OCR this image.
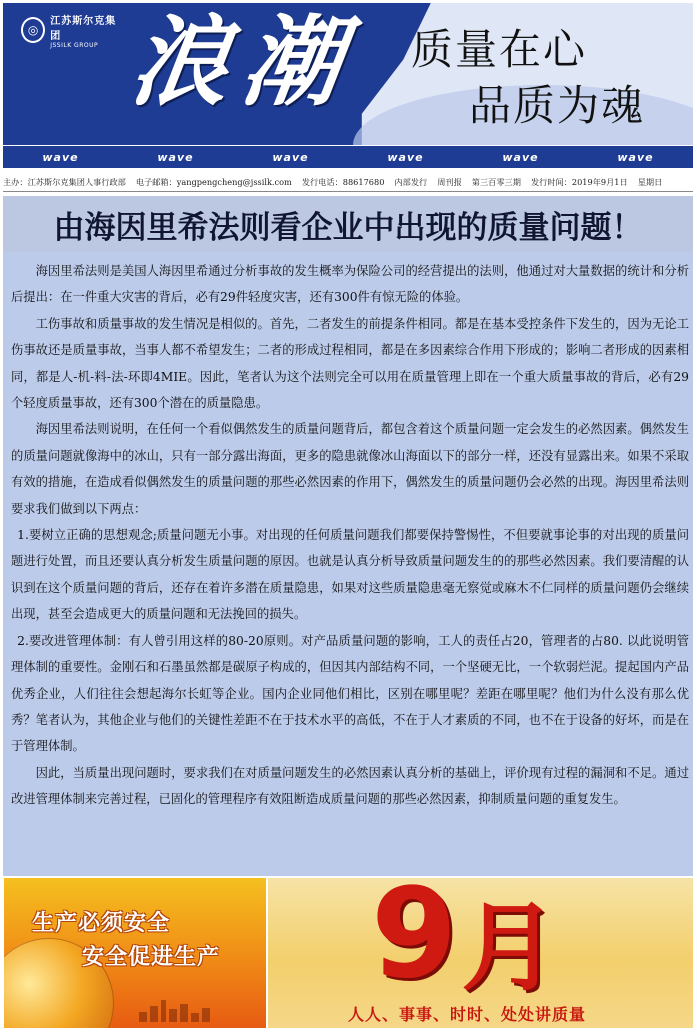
◎
江苏斯尔克集团
JSSILK GROUP 浪潮 质量在心
品质为魂
wave	wave	wave	wave	wave	wave
主办：江苏斯尔克集团人事行政部 电子邮箱：yangpengcheng@jssilk.com 发行电话：88617680 内部发行 周刊报 第三百零三期 发行时间：2019年9月1日 星期日
由海因里希法则看企业中出现的质量问题！

海因里希法则是美国人海因里希通过分析事故的发生概率为保险公司的经营提出的法则，他通过对大量数据的统计和分析后提出：在一件重大灾害的背后，必有29件轻度灾害，还有300件有惊无险的体验。

工伤事故和质量事故的发生情况是相似的。首先，二者发生的前提条件相同。都是在基本受控条件下发生的，因为无论工伤事故还是质量事故，当事人都不希望发生；二者的形成过程相同，都是在多因素综合作用下形成的；影响二者形成的因素相同，都是人-机-料-法-环即4MIE。因此，笔者认为这个法则完全可以用在质量管理上即在一个重大质量事故的背后，必有29个轻度质量事故，还有300个潜在的质量隐患。

海因里希法则说明，在任何一个看似偶然发生的质量问题背后，都包含着这个质量问题一定会发生的必然因素。偶然发生的质量问题就像海中的冰山，只有一部分露出海面，更多的隐患就像冰山海面以下的部分一样，还没有显露出来。如果不采取有效的措施，在造成看似偶然发生的质量问题的那些必然因素的作用下，偶然发生的质量问题仍会必然的出现。海因里希法则要求我们做到以下两点：

1.要树立正确的思想观念;质量问题无小事。对出现的任何质量问题我们都要保持警惕性，不但要就事论事的对出现的质量问题进行处置，而且还要认真分析发生质量问题的原因。也就是认真分析导致质量问题发生的的那些必然因素。我们要清醒的认识到在这个质量问题的背后，还存在着许多潜在质量隐患，如果对这些质量隐患毫无察觉或麻木不仁同样的质量问题仍会继续出现，甚至会造成更大的质量问题和无法挽回的损失。

2.要改进管理体制：有人曾引用这样的80-20原则。对产品质量问题的影响，工人的责任占20，管理者的占80. 以此说明管理体制的重要性。金刚石和石墨虽然都是碳原子构成的，但因其内部结构不同，一个坚硬无比，一个软弱烂泥。提起国内产品优秀企业，人们往往会想起海尔长虹等企业。国内企业同他们相比，区别在哪里呢？差距在哪里呢？他们为什么没有那么优秀？笔者认为，其他企业与他们的关键性差距不在于技术水平的高低，不在于人才素质的不同，也不在于设备的好坏，而是在于管理体制。

因此，当质量出现问题时，要求我们在对质量问题发生的必然因素认真分析的基础上，评价现有过程的漏洞和不足。通过改进管理体制来完善过程，已固化的管理程序有效阻断造成质量问题的那些必然因素，抑制质量问题的重复发生。

生产必须安全
安全促进生产 9 月
人人、事事、时时、处处讲质量
